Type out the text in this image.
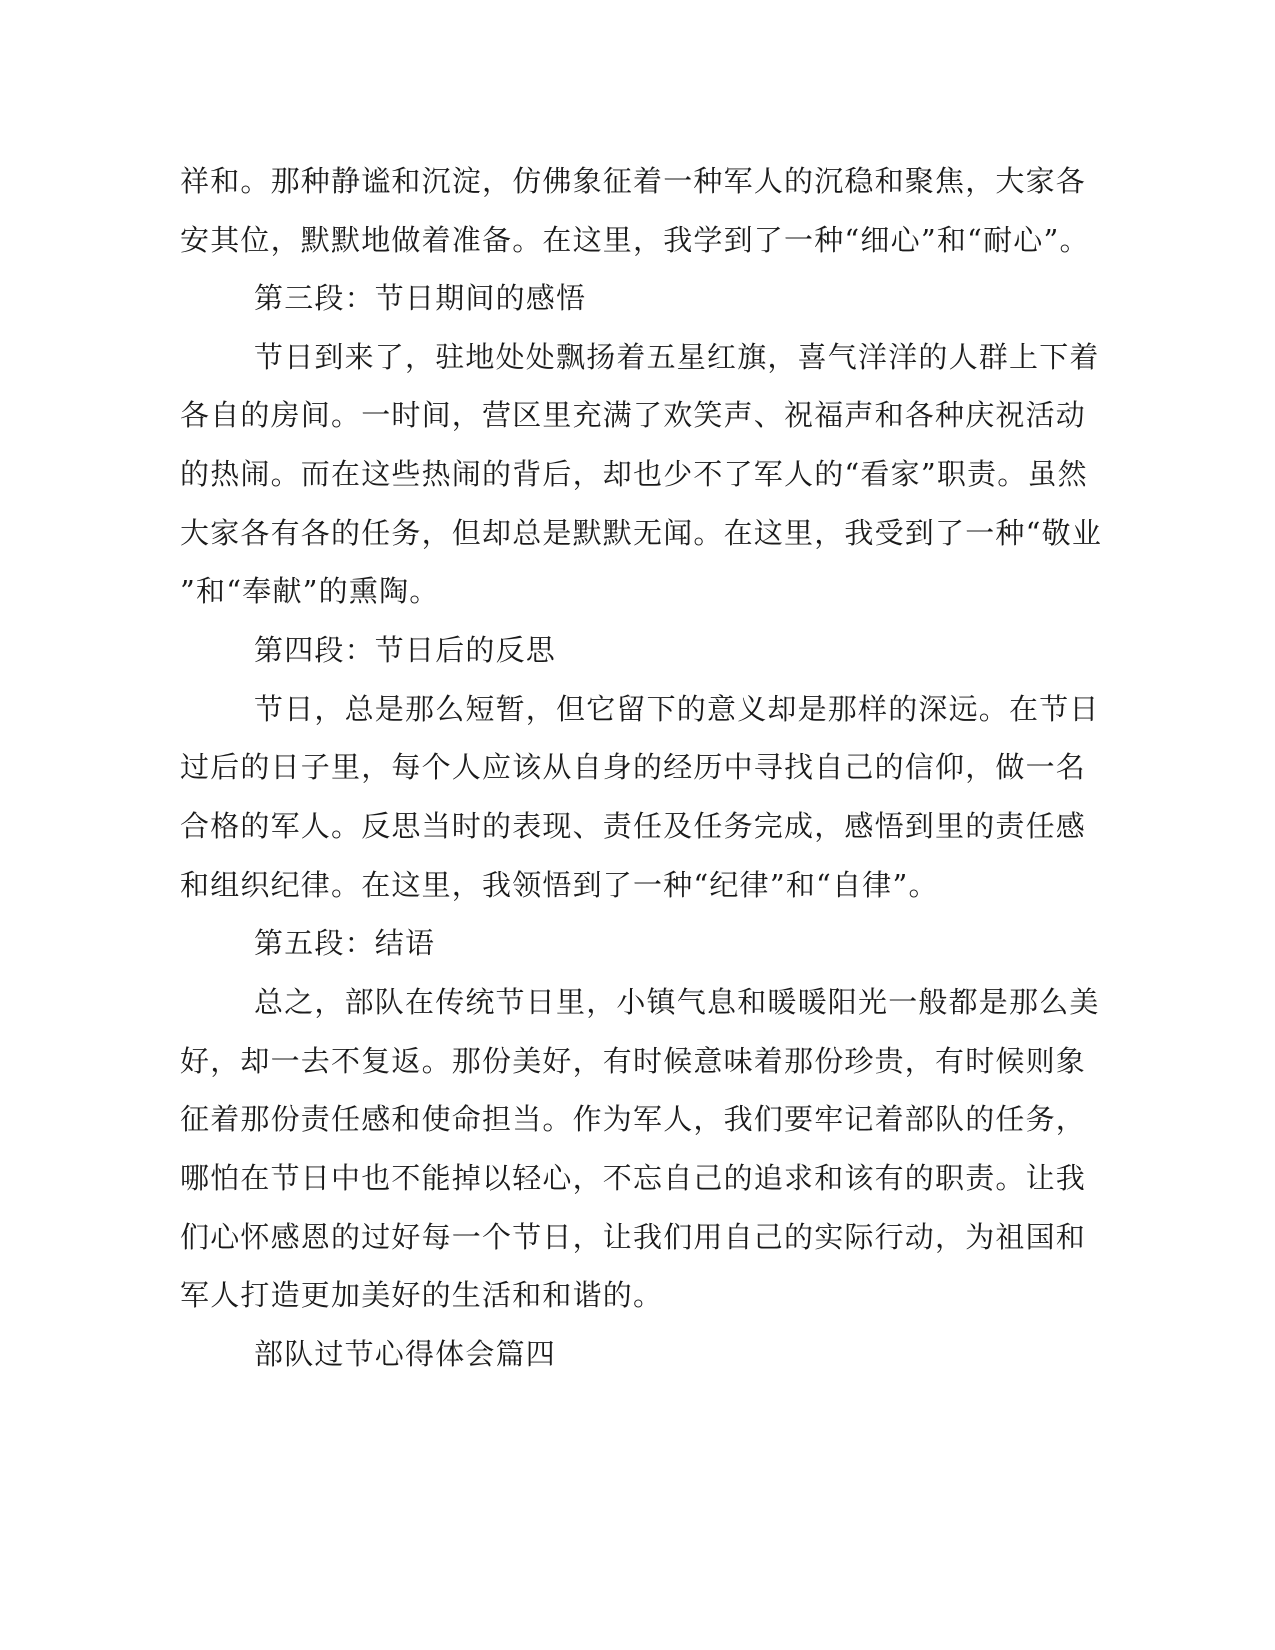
祥和。那种静谧和沉淀，仿佛象征着一种军人的沉稳和聚焦，大家各
安其位，默默地做着准备。在这里，我学到了一种“细心”和“耐心”。
第三段：节日期间的感悟
节日到来了，驻地处处飘扬着五星红旗，喜气洋洋的人群上下着
各自的房间。一时间，营区里充满了欢笑声、祝福声和各种庆祝活动
的热闹。而在这些热闹的背后，却也少不了军人的“看家”职责。虽然
大家各有各的任务，但却总是默默无闻。在这里，我受到了一种“敬业
”和“奉献”的熏陶。
第四段：节日后的反思
节日，总是那么短暂，但它留下的意义却是那样的深远。在节日
过后的日子里，每个人应该从自身的经历中寻找自己的信仰，做一名
合格的军人。反思当时的表现、责任及任务完成，感悟到里的责任感
和组织纪律。在这里，我领悟到了一种“纪律”和“自律”。
第五段：结语
总之，部队在传统节日里，小镇气息和暖暖阳光一般都是那么美
好，却一去不复返。那份美好，有时候意味着那份珍贵，有时候则象
征着那份责任感和使命担当。作为军人，我们要牢记着部队的任务，
哪怕在节日中也不能掉以轻心，不忘自己的追求和该有的职责。让我
们心怀感恩的过好每一个节日，让我们用自己的实际行动，为祖国和
军人打造更加美好的生活和和谐的。
部队过节心得体会篇四
